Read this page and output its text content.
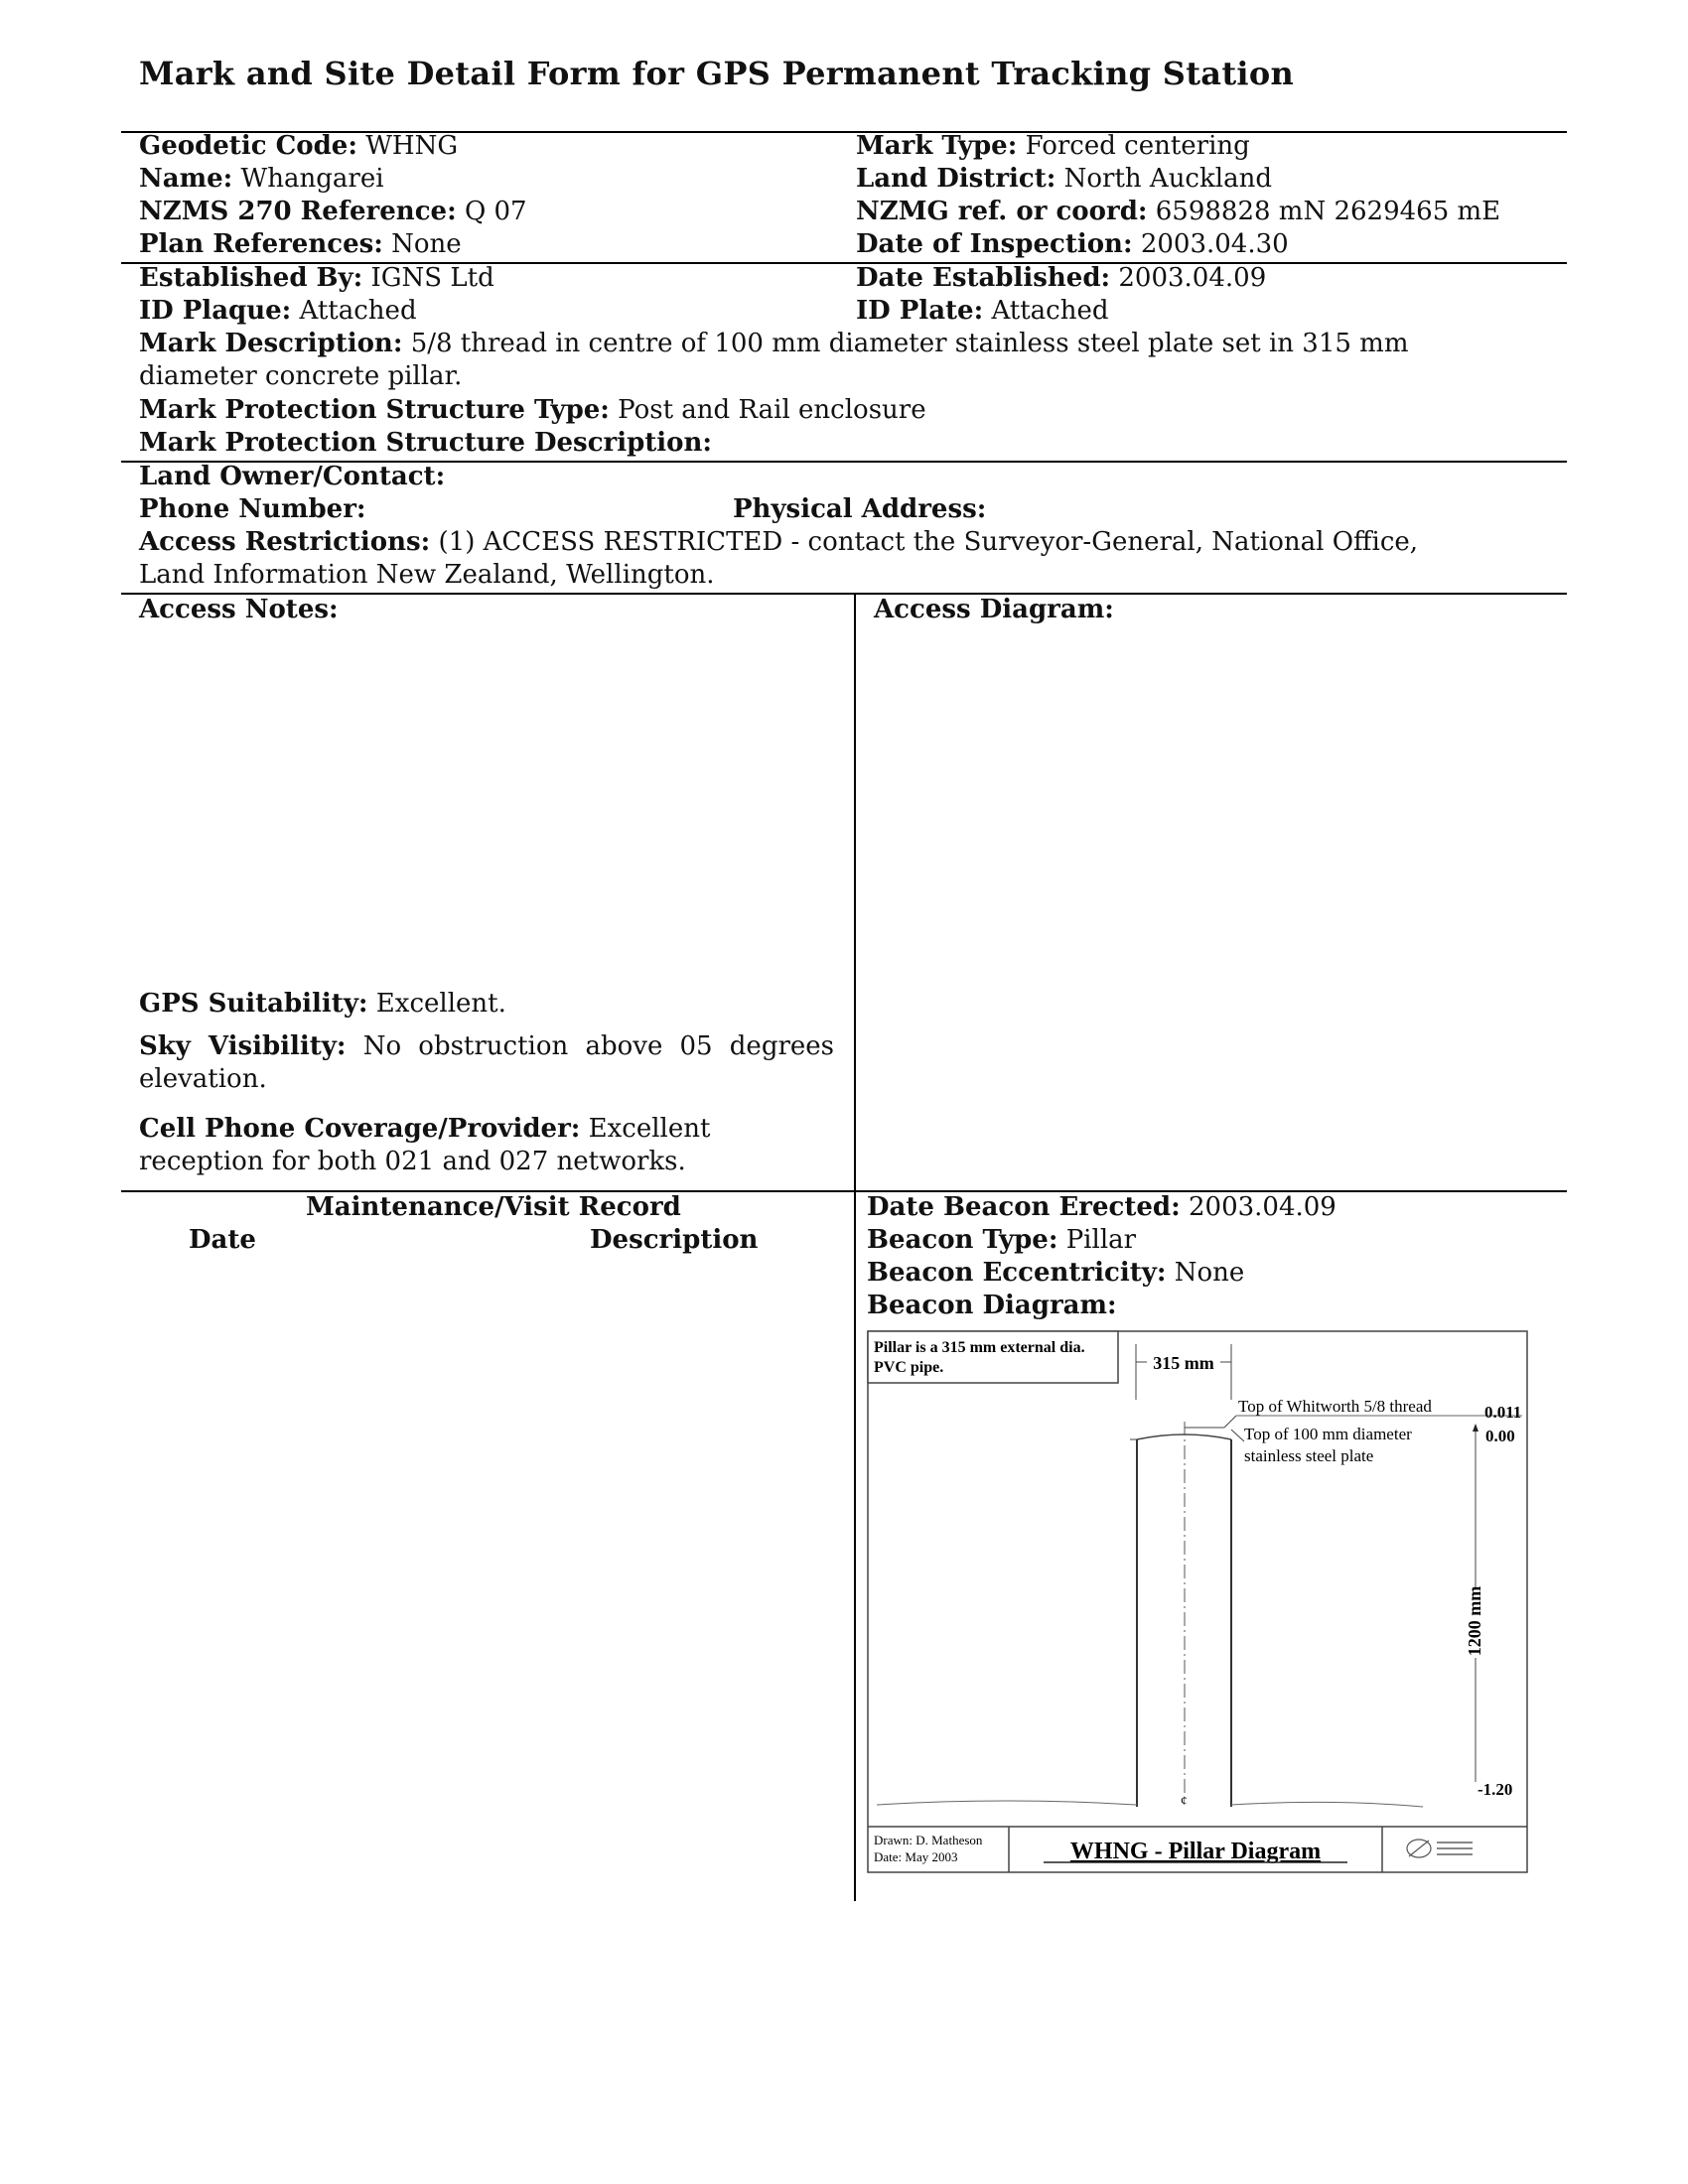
Mark and Site Detail Form for GPS Permanent Tracking Station
Geodetic Code: WHNG
Name: Whangarei
NZMS 270 Reference: Q 07
Plan References: None
Established By: IGNS Ltd
ID Plaque: Attached
Mark Type: Forced centering
Land District: North Auckland
NZMG ref. or coord: 6598828 mN 2629465 mE
Date of Inspection: 2003.04.30
Date Established: 2003.04.09
ID Plate: Attached
Mark Description: 5/8 thread in centre of 100 mm diameter stainless steel plate set in 315 mm diameter concrete pillar.
Mark Protection Structure Type: Post and Rail enclosure
Mark Protection Structure Description:
Land Owner/Contact:
Phone Number:	Physical Address:
Access Restrictions: (1) ACCESS RESTRICTED - contact the Surveyor-General, National Office, Land Information New Zealand, Wellington.
Access Notes:	Access Diagram:
GPS Suitability: Excellent.
Sky Visibility: No obstruction above 05 degrees elevation.
Cell Phone Coverage/Provider: Excellent reception for both 021 and 027 networks.
Maintenance/Visit Record
Date	Description
Date Beacon Erected: 2003.04.09
Beacon Type: Pillar
Beacon Eccentricity: None
Beacon Diagram:
Pillar is a 315 mm external dia.
PVC pipe.	315 mm
¢
Top of Whitworth 5/8 thread	0.011
Top of 100 mm diameter
stainless steel plate
0.00
1200 mm
-1.20
Drawn: D. Matheson
Date: May 2003	WHNG - Pillar Diagram
